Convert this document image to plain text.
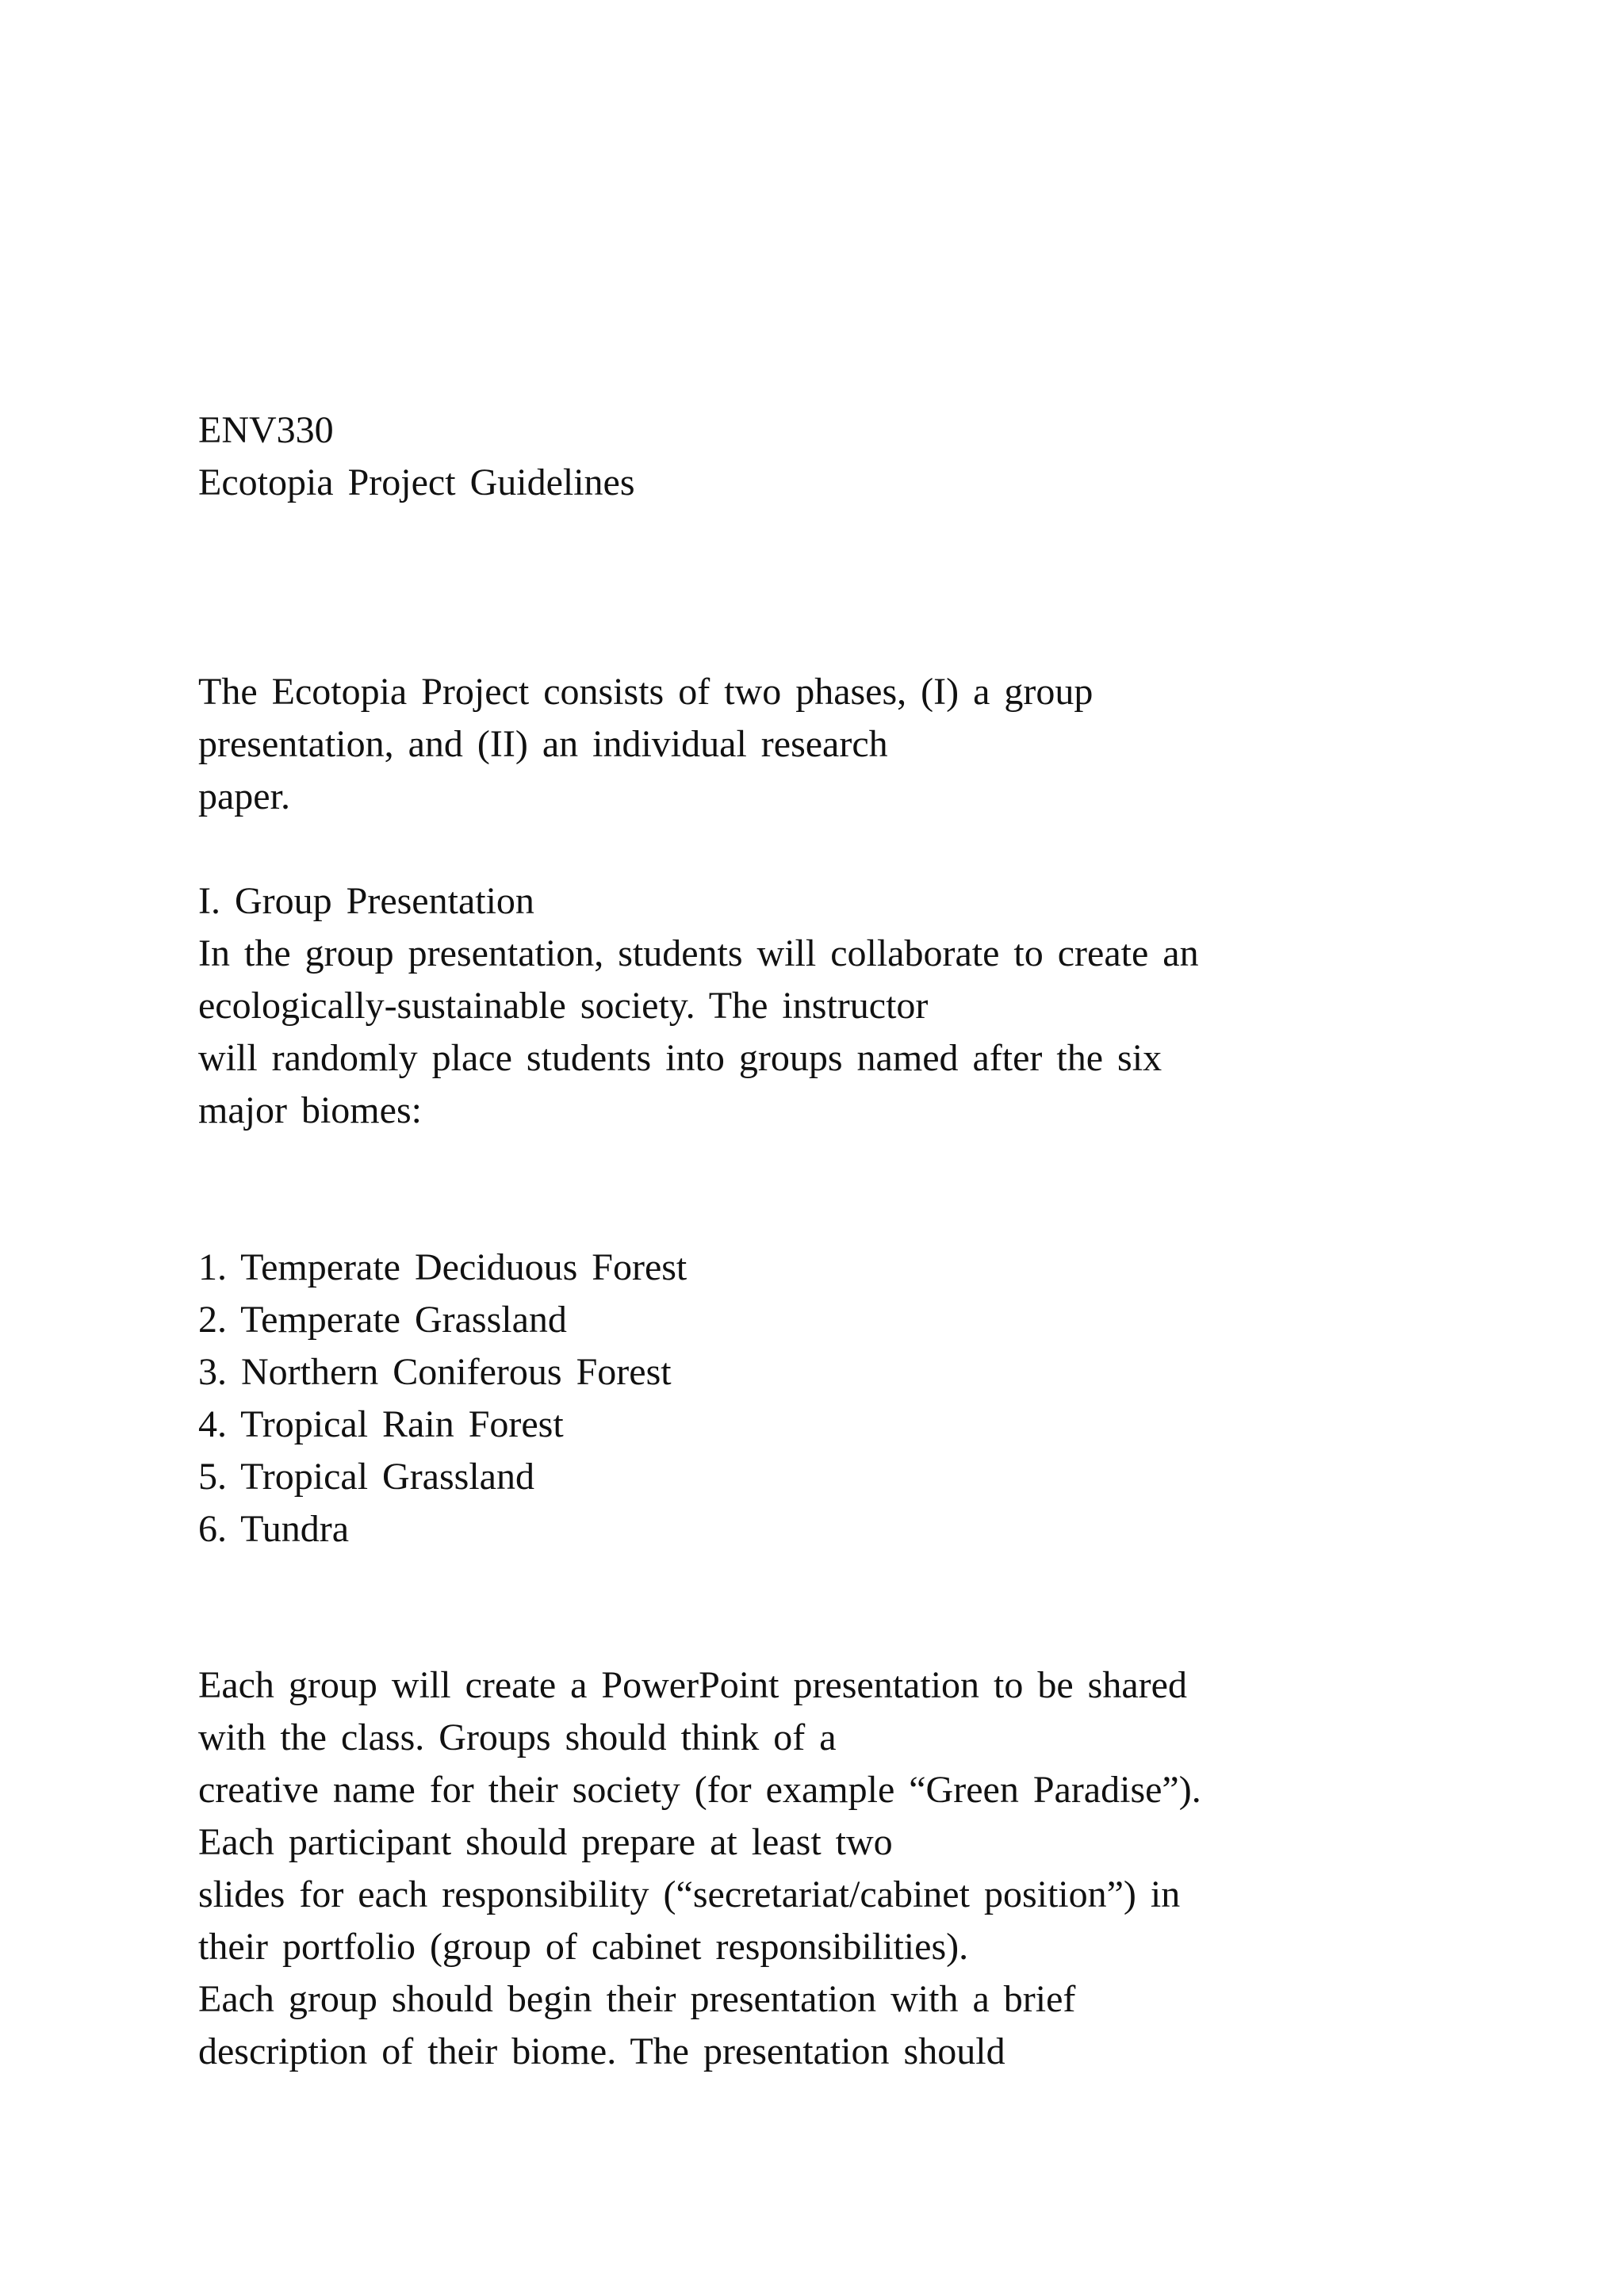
ENV330
Ecotopia Project Guidelines
The Ecotopia Project consists of two phases, (I) a group
presentation, and (II) an individual research
paper.
I. Group Presentation
In the group presentation, students will collaborate to create an
ecologically-sustainable society. The instructor
will randomly place students into groups named after the six
major biomes:
1. Temperate Deciduous Forest
2. Temperate Grassland
3. Northern Coniferous Forest
4. Tropical Rain Forest
5. Tropical Grassland
6. Tundra
Each group will create a PowerPoint presentation to be shared
with the class. Groups should think of a
creative name for their society (for example “Green Paradise”).
Each participant should prepare at least two
slides for each responsibility (“secretariat/cabinet position”) in
their portfolio (group of cabinet responsibilities).
Each group should begin their presentation with a brief
description of their biome. The presentation should
